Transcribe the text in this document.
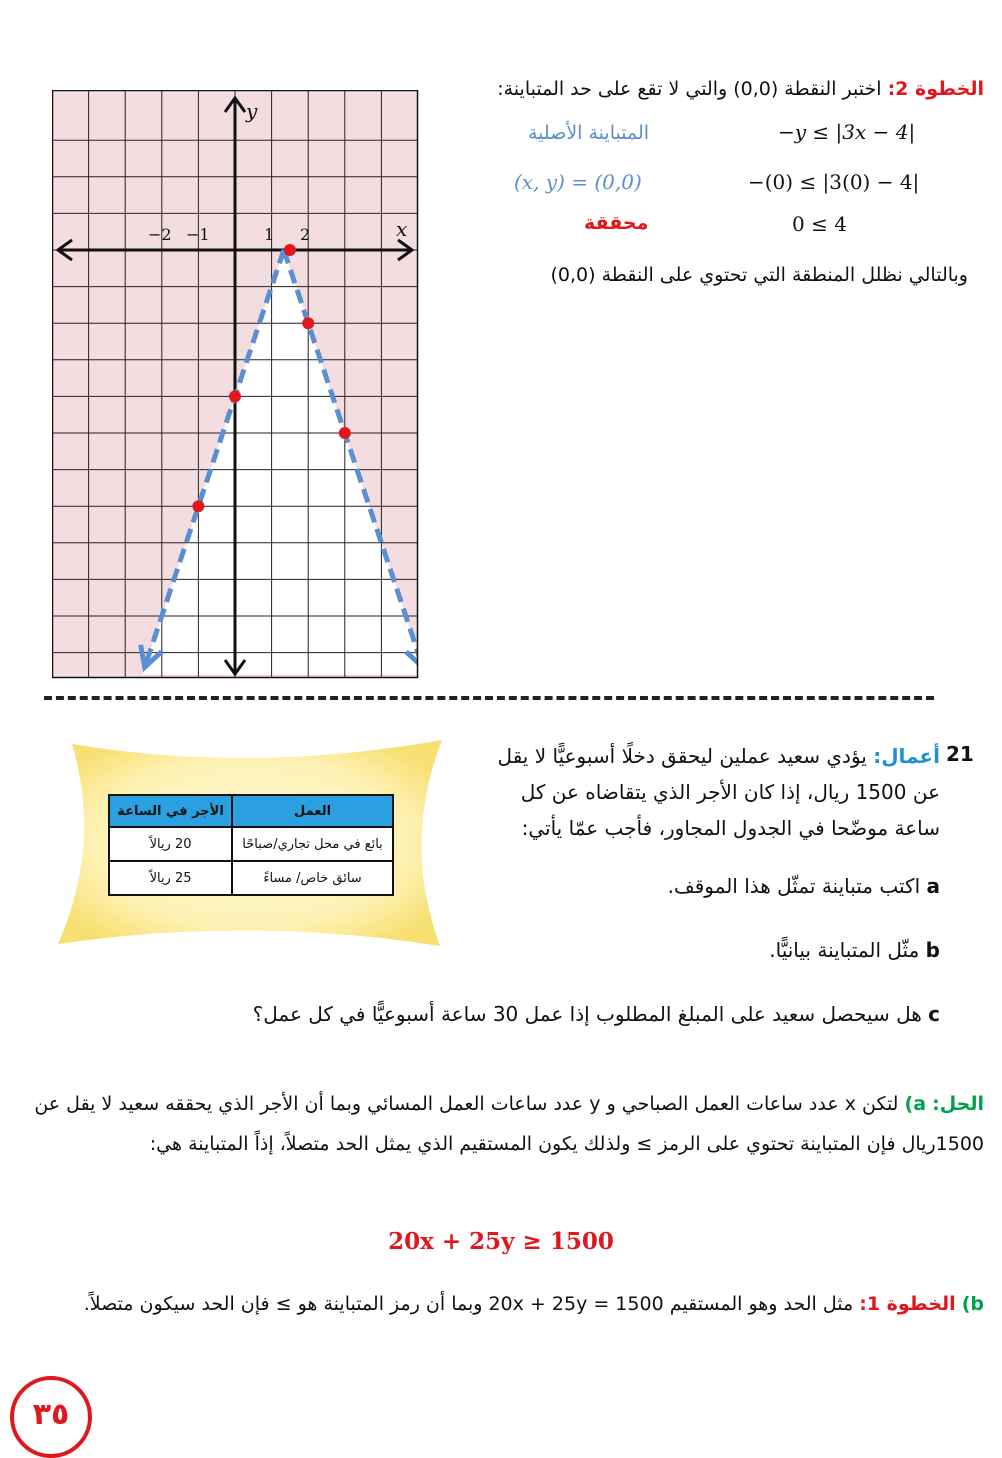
y
x
−2 −1	1 2
الخطوة 2: اختبر النقطة (0,0) والتي لا تقع على حد المتباينة:
المتباينة الأصلية	−y ≤ |3x − 4|
(x, y) = (0,0)	−(0) ≤ |3(0) − 4|
محققة	0 ≤ 4
وبالتالي نظلل المنطقة التي تحتوي على النقطة (0,0)
21
أعمال: يؤدي سعيد عملين ليحقق دخلًا أسبوعيًّا لا يقل عن 1500 ريال، إذا كان الأجر الذي يتقاضاه عن كل ساعة موضّحا في الجدول المجاور، فأجب عمّا يأتي:
a اكتب متباينة تمثّل هذا الموقف.
b مثّل المتباينة بيانيًّا.
c هل سيحصل سعيد على المبلغ المطلوب إذا عمل 30 ساعة أسبوعيًّا في كل عمل؟
العمل	الأجر في الساعة
بائع في محل تجاري/صباحًا	20 ريالاً
سائق خاص/ مساءً	25 ريالاً
الحل: a) لتكن x عدد ساعات العمل الصباحي و y عدد ساعات العمل المسائي وبما أن الأجر الذي يحققه سعيد لا يقل عن 1500ريال فإن المتباينة تحتوي على الرمز ≥ ولذلك يكون المستقيم الذي يمثل الحد متصلاً، إذاً المتباينة هي:
20x + 25y ≥ 1500
b) الخطوة 1: مثل الحد وهو المستقيم 20x + 25y = 1500 وبما أن رمز المتباينة هو ≥ فإن الحد سيكون متصلاً.
٣٥
